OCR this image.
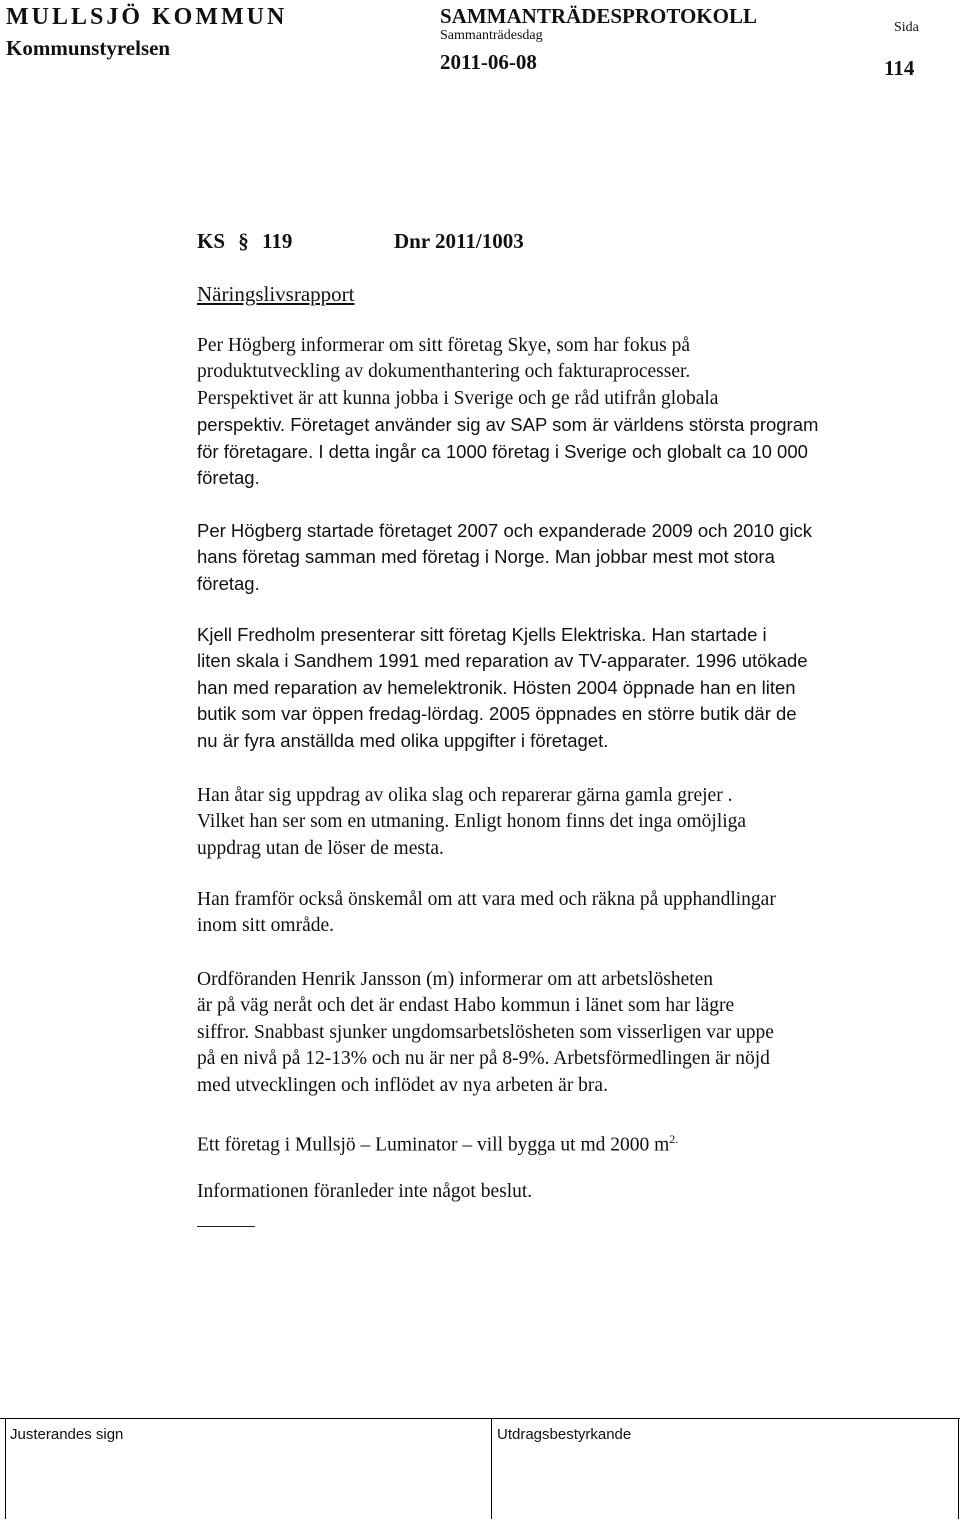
MULLSJÖ KOMMUN
Kommunstyrelsen
SAMMANTRÄDESPROTOKOLL
Sammanträdesdag
2011-06-08
Sida
114
KS § 119	Dnr 2011/1003
Näringslivsrapport
Per Högberg informerar om sitt företag Skye, som har fokus på
produktutveckling av dokumenthantering och fakturaprocesser.
Perspektivet är att kunna jobba i Sverige och ge råd utifrån globala
perspektiv. Företaget använder sig av SAP som är världens största program
för företagare. I detta ingår ca 1000 företag i Sverige och globalt ca 10 000
företag.
Per Högberg startade företaget 2007 och expanderade 2009 och 2010 gick
hans företag samman med företag i Norge. Man jobbar mest mot stora
företag.
Kjell Fredholm presenterar sitt företag Kjells Elektriska. Han startade i
liten skala i Sandhem 1991 med reparation av TV-apparater. 1996 utökade
han med reparation av hemelektronik. Hösten 2004 öppnade han en liten
butik som var öppen fredag-lördag. 2005 öppnades en större butik där de
nu är fyra anställda med olika uppgifter i företaget.
Han åtar sig uppdrag av olika slag och reparerar gärna gamla grejer .
Vilket han ser som en utmaning. Enligt honom finns det inga omöjliga
uppdrag utan de löser de mesta.
Han framför också önskemål om att vara med och räkna på upphandlingar
inom sitt område.
Ordföranden Henrik Jansson (m) informerar om att arbetslösheten
är på väg neråt och det är endast Habo kommun i länet som har lägre
siffror. Snabbast sjunker ungdomsarbetslösheten som visserligen var uppe
på en nivå på 12-13% och nu är ner på 8-9%. Arbetsförmedlingen är nöjd
med utvecklingen och inflödet av nya arbeten är bra.
Ett företag i Mullsjö – Luminator – vill bygga ut md 2000 $m^{2.}$
Informationen föranleder inte något beslut.
Justerandes sign	Utdragsbestyrkande
